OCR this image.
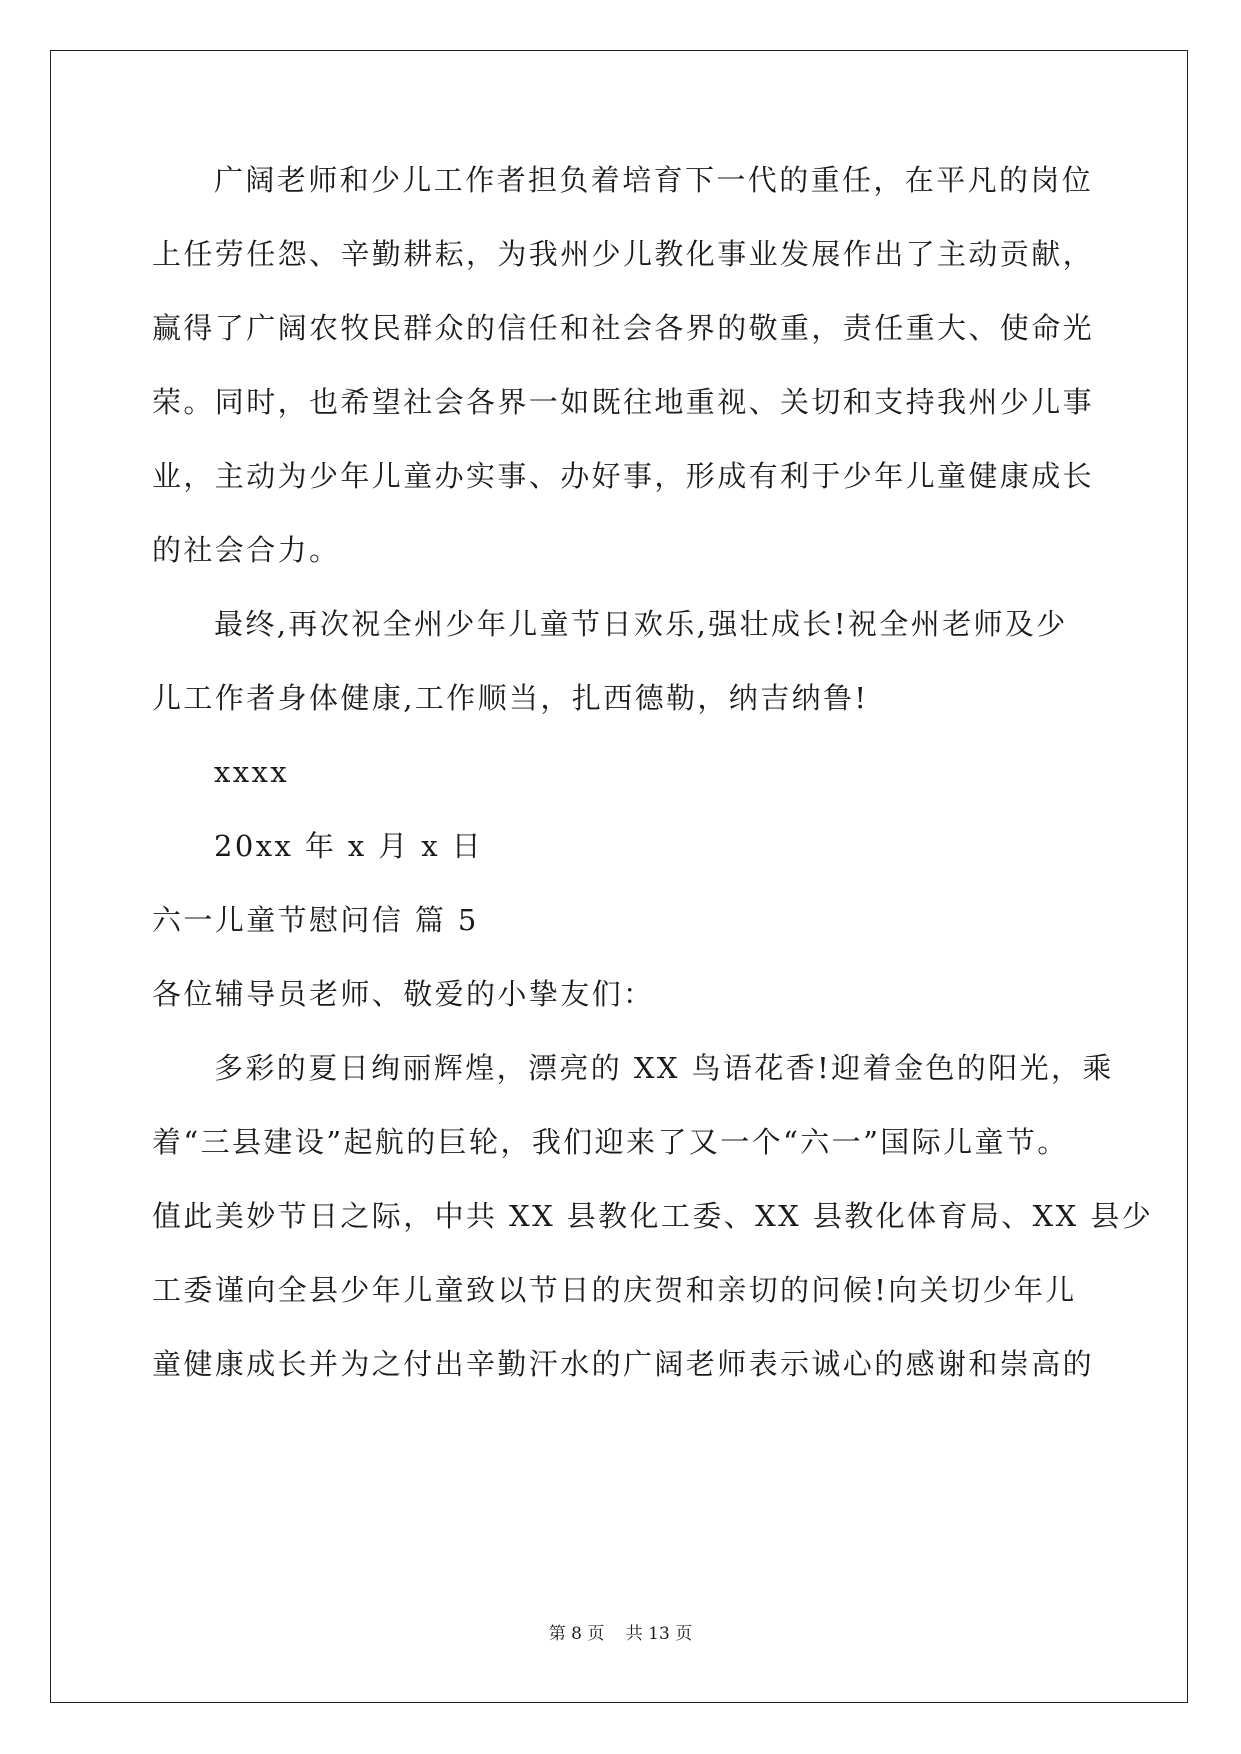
广阔老师和少儿工作者担负着培育下一代的重任，在平凡的岗位
上任劳任怨、辛勤耕耘，为我州少儿教化事业发展作出了主动贡献，
赢得了广阔农牧民群众的信任和社会各界的敬重，责任重大、使命光
荣。同时，也希望社会各界一如既往地重视、关切和支持我州少儿事
业，主动为少年儿童办实事、办好事，形成有利于少年儿童健康成长
的社会合力。
最终,再次祝全州少年儿童节日欢乐,强壮成长!祝全州老师及少
儿工作者身体健康,工作顺当，扎西德勒，纳吉纳鲁!
xxxx
20xx 年 x 月 x 日
六一儿童节慰问信 篇 5
各位辅导员老师、敬爱的小挚友们：
多彩的夏日绚丽辉煌，漂亮的 XX 鸟语花香!迎着金色的阳光，乘
着“三县建设”起航的巨轮，我们迎来了又一个“六一”国际儿童节。
值此美妙节日之际，中共 XX 县教化工委、XX 县教化体育局、XX 县少
工委谨向全县少年儿童致以节日的庆贺和亲切的问候!向关切少年儿
童健康成长并为之付出辛勤汗水的广阔老师表示诚心的感谢和崇高的
第 8 页 共 13 页
